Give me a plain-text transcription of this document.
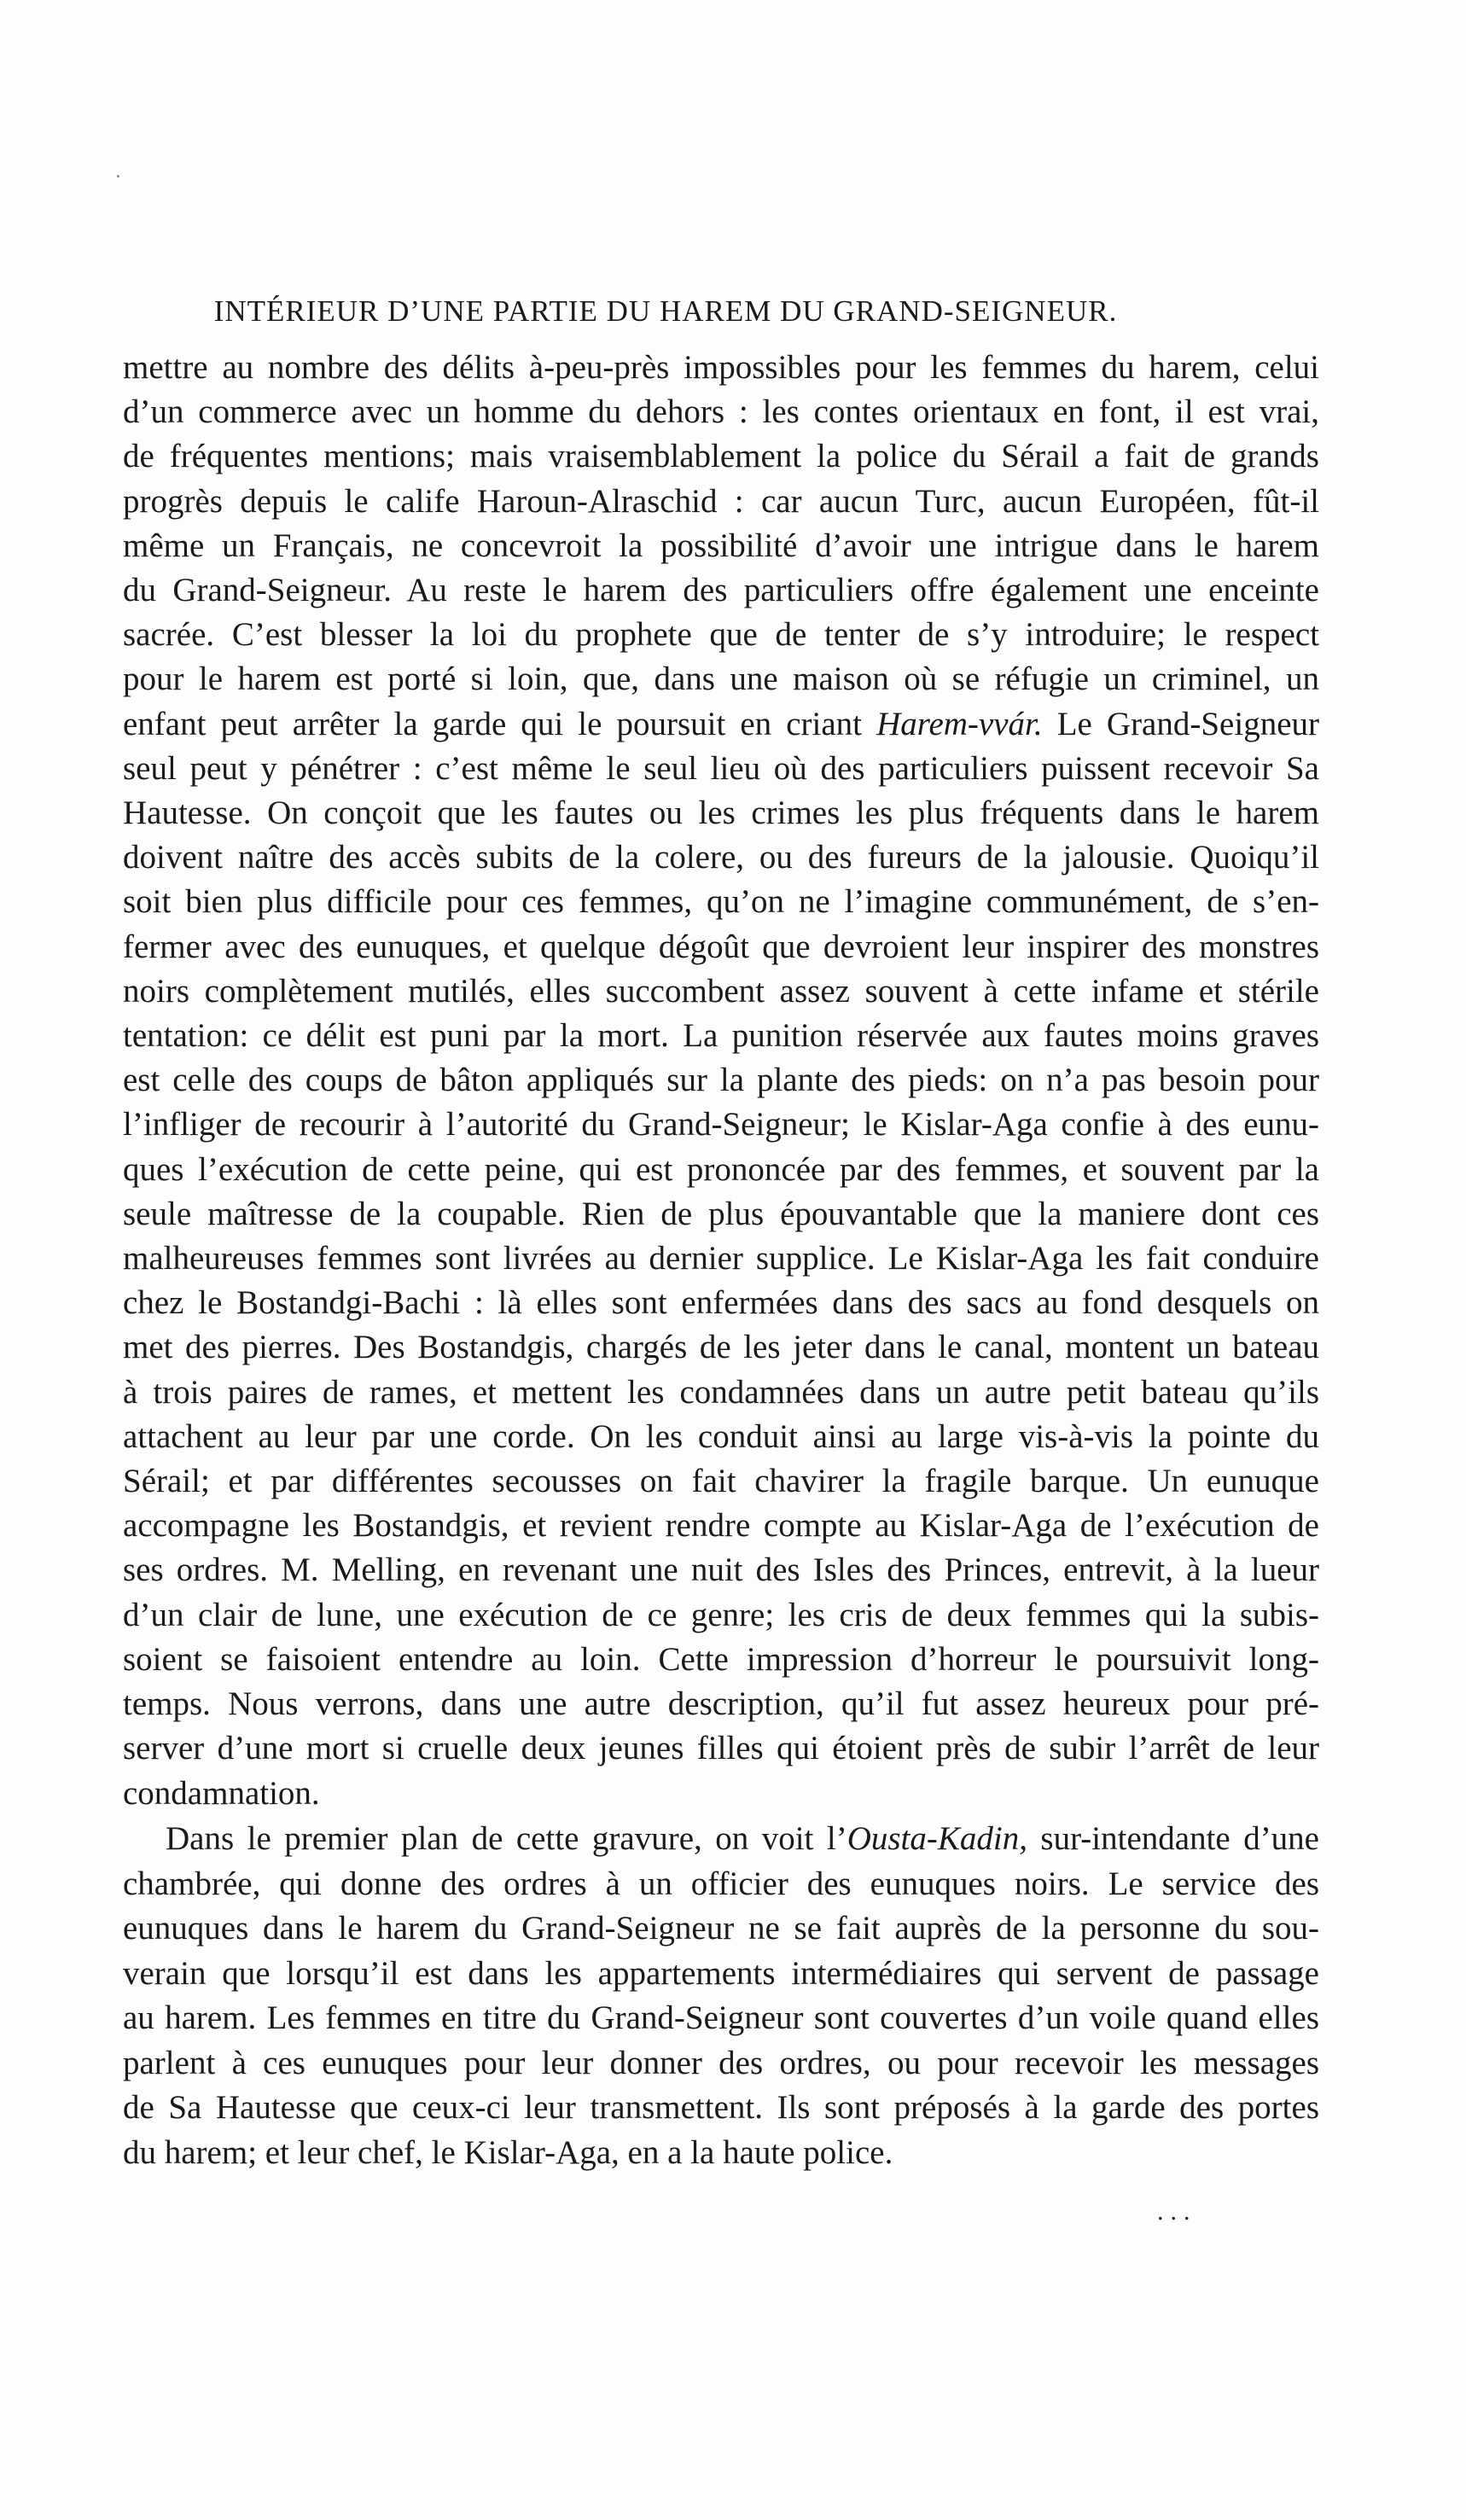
INTÉRIEUR D’UNE PARTIE DU HAREM DU GRAND-SEIGNEUR.

mettre au nombre des délits à-peu-près impossibles pour les femmes du harem, celui

d’un commerce avec un homme du dehors : les contes orientaux en font, il est vrai,

de fréquentes mentions; mais vraisemblablement la police du Sérail a fait de grands

progrès depuis le calife Haroun-Alraschid : car aucun Turc, aucun Européen, fût-il

même un Français, ne concevroit la possibilité d’avoir une intrigue dans le harem

du Grand-Seigneur. Au reste le harem des particuliers offre également une enceinte

sacrée. C’est blesser la loi du prophete que de tenter de s’y introduire; le respect

pour le harem est porté si loin, que, dans une maison où se réfugie un criminel, un

enfant peut arrêter la garde qui le poursuit en criant Harem-vvár. Le Grand-Seigneur

seul peut y pénétrer : c’est même le seul lieu où des particuliers puissent recevoir Sa

Hautesse. On conçoit que les fautes ou les crimes les plus fréquents dans le harem

doivent naître des accès subits de la colere, ou des fureurs de la jalousie. Quoiqu’il

soit bien plus difficile pour ces femmes, qu’on ne l’imagine communément, de s’en-

fermer avec des eunuques, et quelque dégoût que devroient leur inspirer des monstres

noirs complètement mutilés, elles succombent assez souvent à cette infame et stérile

tentation: ce délit est puni par la mort. La punition réservée aux fautes moins graves

est celle des coups de bâton appliqués sur la plante des pieds: on n’a pas besoin pour

l’infliger de recourir à l’autorité du Grand-Seigneur; le Kislar-Aga confie à des eunu-

ques l’exécution de cette peine, qui est prononcée par des femmes, et souvent par la

seule maîtresse de la coupable. Rien de plus épouvantable que la maniere dont ces

malheureuses femmes sont livrées au dernier supplice. Le Kislar-Aga les fait conduire

chez le Bostandgi-Bachi : là elles sont enfermées dans des sacs au fond desquels on

met des pierres. Des Bostandgis, chargés de les jeter dans le canal, montent un bateau

à trois paires de rames, et mettent les condamnées dans un autre petit bateau qu’ils

attachent au leur par une corde. On les conduit ainsi au large vis-à-vis la pointe du

Sérail; et par différentes secousses on fait chavirer la fragile barque. Un eunuque

accompagne les Bostandgis, et revient rendre compte au Kislar-Aga de l’exécution de

ses ordres. M. Melling, en revenant une nuit des Isles des Princes, entrevit, à la lueur

d’un clair de lune, une exécution de ce genre; les cris de deux femmes qui la subis-

soient se faisoient entendre au loin. Cette impression d’horreur le poursuivit long-

temps. Nous verrons, dans une autre description, qu’il fut assez heureux pour pré-

server d’une mort si cruelle deux jeunes filles qui étoient près de subir l’arrêt de leur

condamnation.

Dans le premier plan de cette gravure, on voit l’Ousta-Kadin, sur-intendante d’une

chambrée, qui donne des ordres à un officier des eunuques noirs. Le service des

eunuques dans le harem du Grand-Seigneur ne se fait auprès de la personne du sou-

verain que lorsqu’il est dans les appartements intermédiaires qui servent de passage

au harem. Les femmes en titre du Grand-Seigneur sont couvertes d’un voile quand elles

parlent à ces eunuques pour leur donner des ordres, ou pour recevoir les messages

de Sa Hautesse que ceux-ci leur transmettent. Ils sont préposés à la garde des portes

du harem; et leur chef, le Kislar-Aga, en a la haute police.

...
